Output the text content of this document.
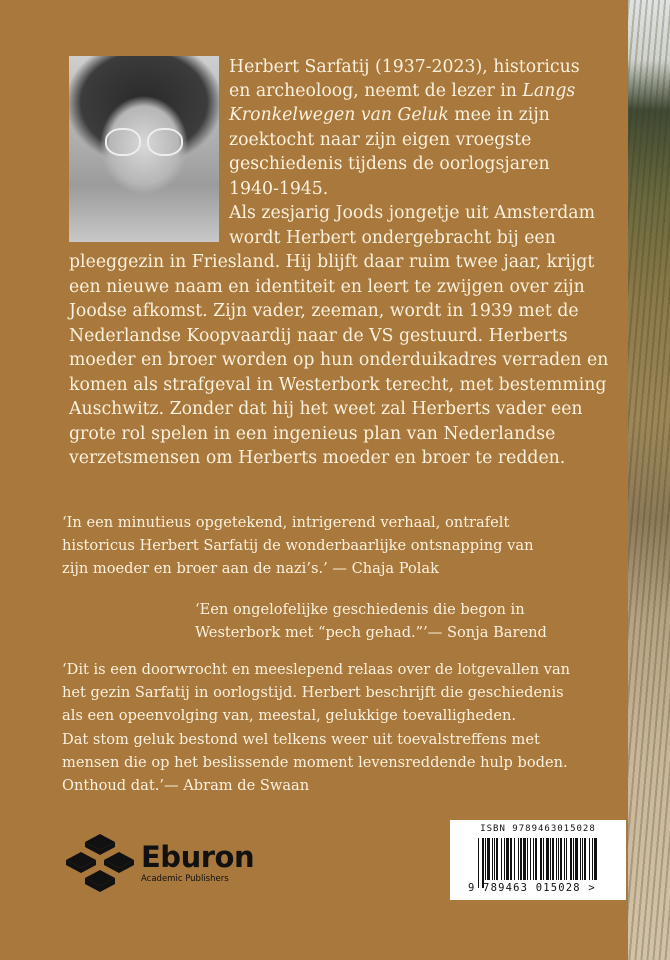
Herbert Sarfatij (1937-2023), historicus
en archeoloog, neemt de lezer in Langs
Kronkelwegen van Geluk mee in zijn
zoektocht naar zijn eigen vroegste
geschiedenis tijdens de oorlogsjaren
1940-1945.
Als zesjarig Joods jongetje uit Amsterdam
wordt Herbert ondergebracht bij een
pleeggezin in Friesland. Hij blijft daar ruim twee jaar, krijgt
een nieuwe naam en identiteit en leert te zwijgen over zijn
Joodse afkomst. Zijn vader, zeeman, wordt in 1939 met de
Nederlandse Koopvaardij naar de VS gestuurd. Herberts
moeder en broer worden op hun onderduikadres verraden en
komen als strafgeval in Westerbork terecht, met bestemming
Auschwitz. Zonder dat hij het weet zal Herberts vader een
grote rol spelen in een ingenieus plan van Nederlandse
verzetsmensen om Herberts moeder en broer te redden.
‘In een minutieus opgetekend, intrigerend verhaal, ontrafelt
historicus Herbert Sarfatij de wonderbaarlijke ontsnapping van
zijn moeder en broer aan de nazi’s.’ — Chaja Polak
‘Een ongelofelijke geschiedenis die begon in
Westerbork met “pech gehad.”’— Sonja Barend
‘Dit is een doorwrocht en meeslepend relaas over de lotgevallen van
het gezin Sarfatij in oorlogstijd. Herbert beschrijft die geschiedenis
als een opeenvolging van, meestal, gelukkige toevalligheden.
Dat stom geluk bestond wel telkens weer uit toevalstreffens met
mensen die op het beslissende moment levensreddende hulp boden.
Onthoud dat.’— Abram de Swaan
Eburon
Academic Publishers
ISBN 9789463015028
9 789463 015028 >
